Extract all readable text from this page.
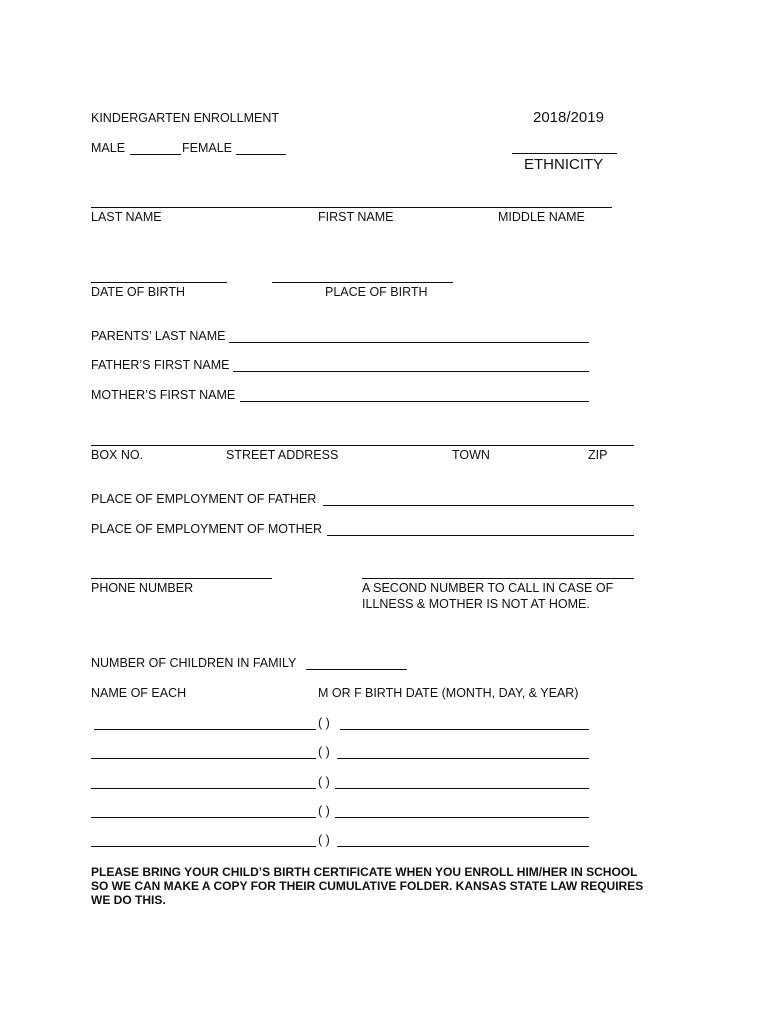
KINDERGARTEN ENROLLMENT	2018/2019
MALE	FEMALE
ETHNICITY
LAST NAME	FIRST NAME	MIDDLE NAME
DATE OF BIRTH	PLACE OF BIRTH
PARENTS’ LAST NAME
FATHER’S FIRST NAME
MOTHER’S FIRST NAME
BOX NO.	STREET ADDRESS	TOWN	ZIP
PLACE OF EMPLOYMENT OF FATHER
PLACE OF EMPLOYMENT OF MOTHER
PHONE NUMBER	A SECOND NUMBER TO CALL IN CASE OF
ILLNESS & MOTHER IS NOT AT HOME.
NUMBER OF CHILDREN IN FAMILY
NAME OF EACH	M OR F BIRTH DATE (MONTH, DAY, & YEAR)
( )
( )
( )
( )
( )
PLEASE BRING YOUR CHILD’S BIRTH CERTIFICATE WHEN YOU ENROLL HIM/HER IN SCHOOL
SO WE CAN MAKE A COPY FOR THEIR CUMULATIVE FOLDER. KANSAS STATE LAW REQUIRES
WE DO THIS.
